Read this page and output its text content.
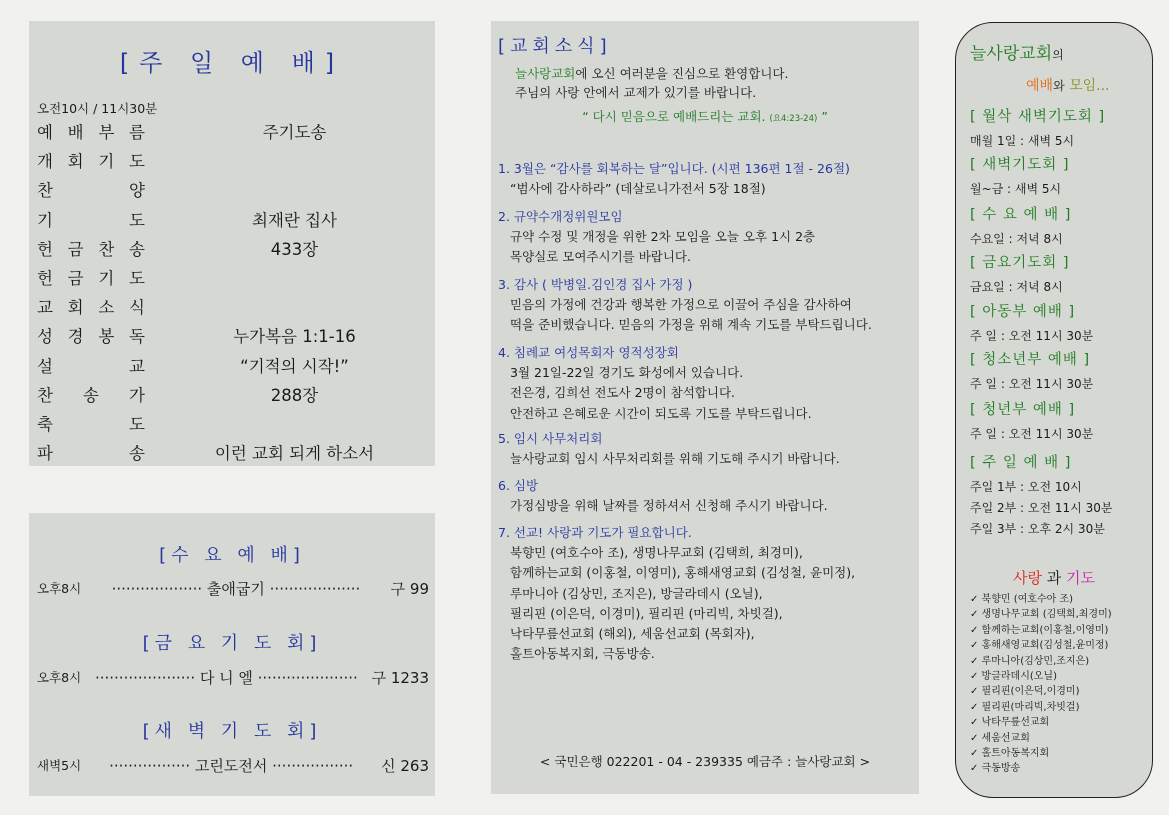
[주 일 예 배]
오전10시 / 11시30분
예 배 부 름	주기도송
개 회 기 도
찬	양
기	도	최재란 집사
헌 금 찬 송	433장
헌 금 기 도
교 회 소 식
성 경 봉 독	누가복음 1:1-16
설	교	“기적의 시작!”
찬 송 가	288장
축	도
파	송	이런 교회 되게 하소서
[수 요 예 배]
오후8시	··················· 출애굽기 ···················	구 99
[금 요 기 도 회]
오후8시 ····················· 다 니 엘 ····················· 구 1233
[새 벽 기 도 회]
새벽5시	················· 고린도전서 ·················	신 263
[교회소식]
늘사랑교회에 오신 여러분을 진심으로 환영합니다.
주님의 사랑 안에서 교제가 있기를 바랍니다.
“ 다시 믿음으로 예배드리는 교회. (요4:23-24) ”
1. 3월은 “감사를 회복하는 달”입니다. (시편 136편 1절 - 26절)
“범사에 감사하라” (데살로니가전서 5장 18절)
2. 규약수개정위원모임
규약 수정 및 개정을 위한 2차 모임을 오늘 오후 1시 2층
목양실로 모여주시기를 바랍니다.
3. 감사 ( 박병일.김인경 집사 가정 )
믿음의 가정에 건강과 행복한 가정으로 이끌어 주심을 감사하여
떡을 준비했습니다. 믿음의 가정을 위해 계속 기도를 부탁드립니다.
4. 침례교 여성목회자 영적성장회
3월 21일-22일 경기도 화성에서 있습니다.
전은경, 김희선 전도사 2명이 참석합니다.
안전하고 은혜로운 시간이 되도록 기도를 부탁드립니다.
5. 임시 사무처리회
늘사랑교회 임시 사무처리회를 위해 기도해 주시기 바랍니다.
6. 심방
가정심방을 위해 날짜를 정하셔서 신청해 주시기 바랍니다.
7. 선교! 사랑과 기도가 필요합니다.
북향민 (여호수아 조), 생명나무교회 (김택희, 최경미),
함께하는교회 (이홍철, 이영미), 홍해새영교회 (김성철, 윤미정),
루마니아 (김상민, 조지은), 방글라데시 (오닐),
필리핀 (이은덕, 이경미), 필리핀 (마리빅, 차빗걸),
낙타무릎선교회 (해외), 세움선교회 (목회자),
홀트아동복지회, 극동방송.
< 국민은행 022201 - 04 - 239335 예금주 : 늘사랑교회 >
늘사랑교회의
예배와 모임...
[ 월삭 새벽기도회 ]
매월 1일 : 새벽 5시
[ 새벽기도회 ]
월~금 : 새벽 5시
[ 수 요 예 배 ]
수요일 : 저녁 8시
[ 금요기도회 ]
금요일 : 저녁 8시
[ 아동부 예배 ]
주 일 : 오전 11시 30분
[ 청소년부 예배 ]
주 일 : 오전 11시 30분
[ 청년부 예배 ]
주 일 : 오전 11시 30분
[ 주 일 예 배 ]
주일 1부 : 오전 10시
주일 2부 : 오전 11시 30분
주일 3부 : 오후 2시 30분
사랑 과 기도
✓ 북향민 (여호수아 조)
✓ 생명나무교회 (김택희,최경미)
✓ 함께하는교회(이홍철,이영미)
✓ 홍해새영교회(김성철,윤미정)
✓ 루마니아(김상민,조지은)
✓ 방글라데시(오닐)
✓ 필리핀(이은덕,이경미)
✓ 필리핀(마리빅,차빗걸)
✓ 낙타무릎선교회
✓ 세움선교회
✓ 홀트아동복지회
✓ 극동방송
